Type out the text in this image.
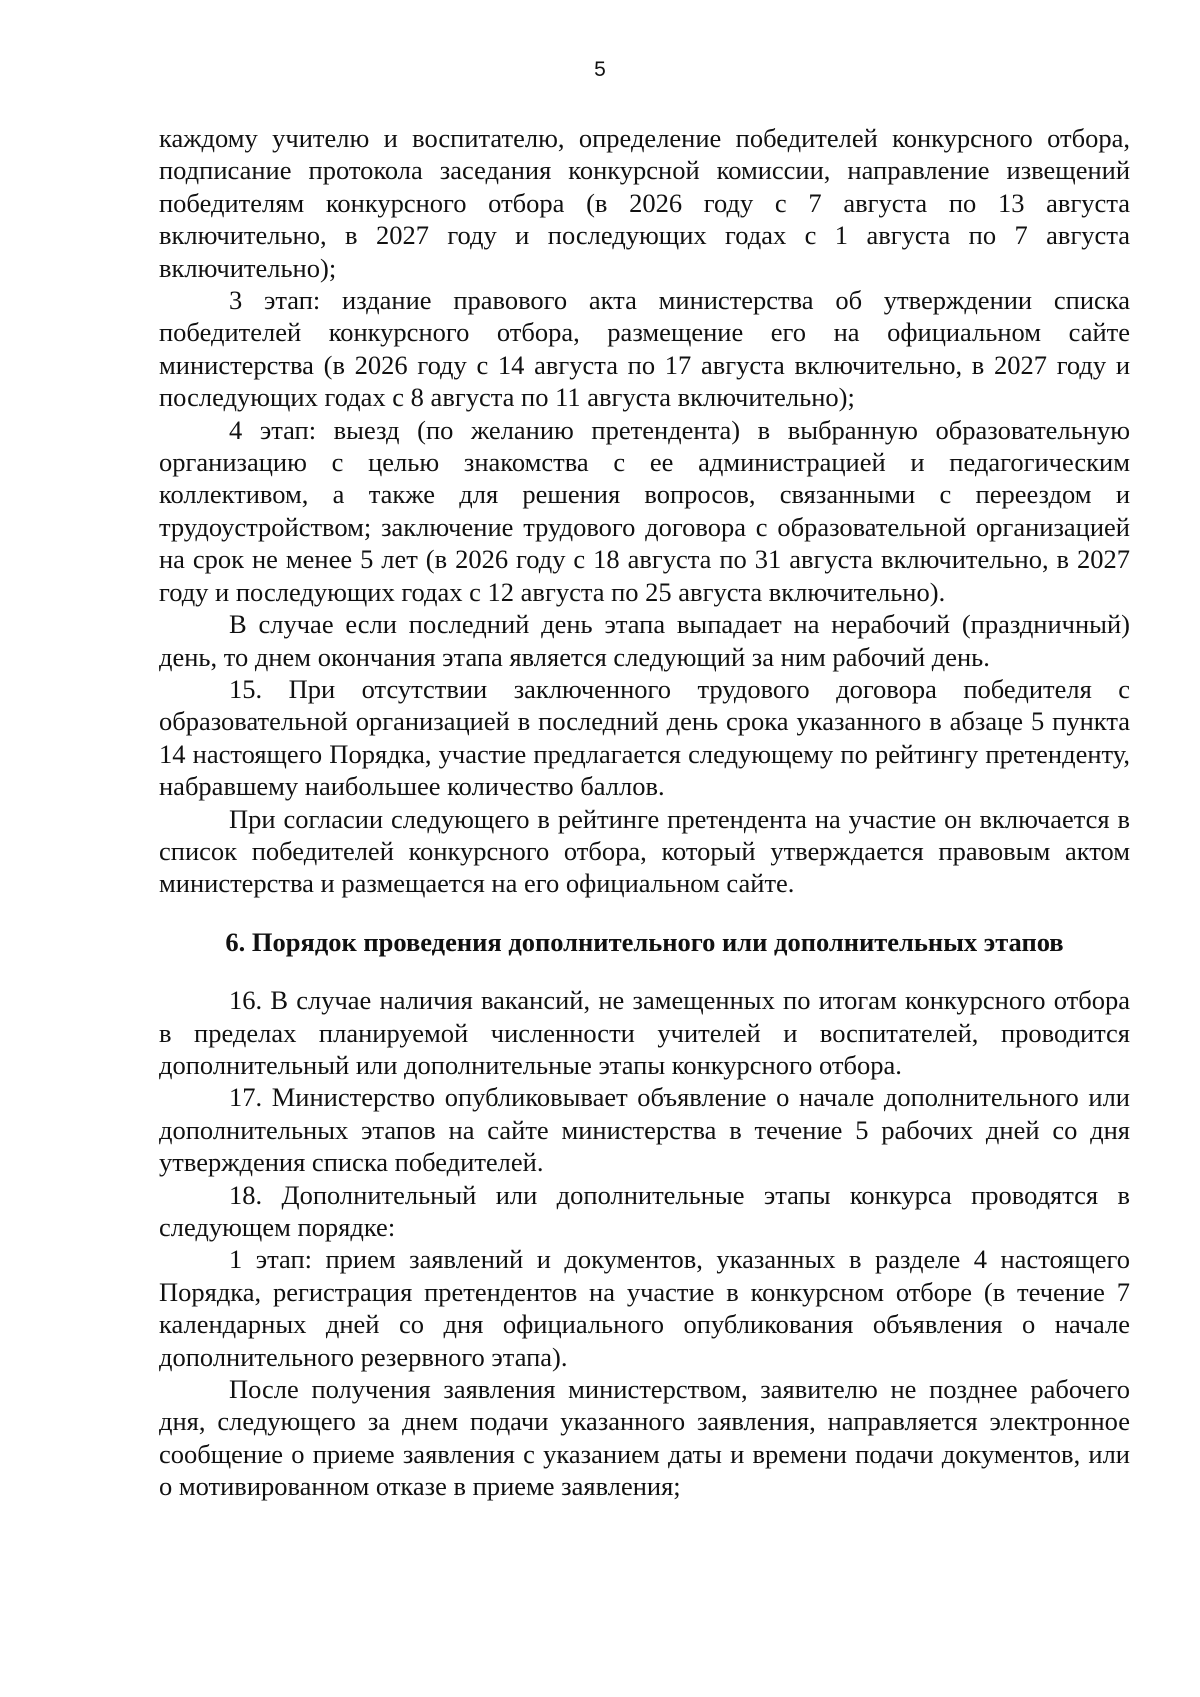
5

каждому учителю и воспитателю, определение победителей конкурсного отбора, подписание протокола заседания конкурсной комиссии, направление извещений победителям конкурсного отбора (в 2026 году с 7 августа по 13 августа включительно, в 2027 году и последующих годах с 1 августа по 7 августа включительно);

3 этап: издание правового акта министерства об утверждении списка победителей конкурсного отбора, размещение его на официальном сайте министерства (в 2026 году с 14 августа по 17 августа включительно, в 2027 году и последующих годах с 8 августа по 11 августа включительно);

4 этап: выезд (по желанию претендента) в выбранную образовательную организацию с целью знакомства с ее администрацией и педагогическим коллективом, а также для решения вопросов, связанными с переездом и трудоустройством; заключение трудового договора с образовательной организацией на срок не менее 5 лет (в 2026 году с 18 августа по 31 августа включительно, в 2027 году и последующих годах с 12 августа по 25 августа включительно).

В случае если последний день этапа выпадает на нерабочий (праздничный) день, то днем окончания этапа является следующий за ним рабочий день.

15. При отсутствии заключенного трудового договора победителя с образовательной организацией в последний день срока указанного в абзаце 5 пункта 14 настоящего Порядка, участие предлагается следующему по рейтингу претенденту, набравшему наибольшее количество баллов.

При согласии следующего в рейтинге претендента на участие он включается в список победителей конкурсного отбора, который утверждается правовым актом министерства и размещается на его официальном сайте.

6. Порядок проведения дополнительного или дополнительных этапов

16. В случае наличия вакансий, не замещенных по итогам конкурсного отбора в пределах планируемой численности учителей и воспитателей, проводится дополнительный или дополнительные этапы конкурсного отбора.

17. Министерство опубликовывает объявление о начале дополнительного или дополнительных этапов на сайте министерства в течение 5 рабочих дней со дня утверждения списка победителей.

18. Дополнительный или дополнительные этапы конкурса проводятся в следующем порядке:

1 этап: прием заявлений и документов, указанных в разделе 4 настоящего Порядка, регистрация претендентов на участие в конкурсном отборе (в течение 7 календарных дней со дня официального опубликования объявления о начале дополнительного резервного этапа).

После получения заявления министерством, заявителю не позднее рабочего дня, следующего за днем подачи указанного заявления, направляется электронное сообщение о приеме заявления с указанием даты и времени подачи документов, или о мотивированном отказе в приеме заявления;
